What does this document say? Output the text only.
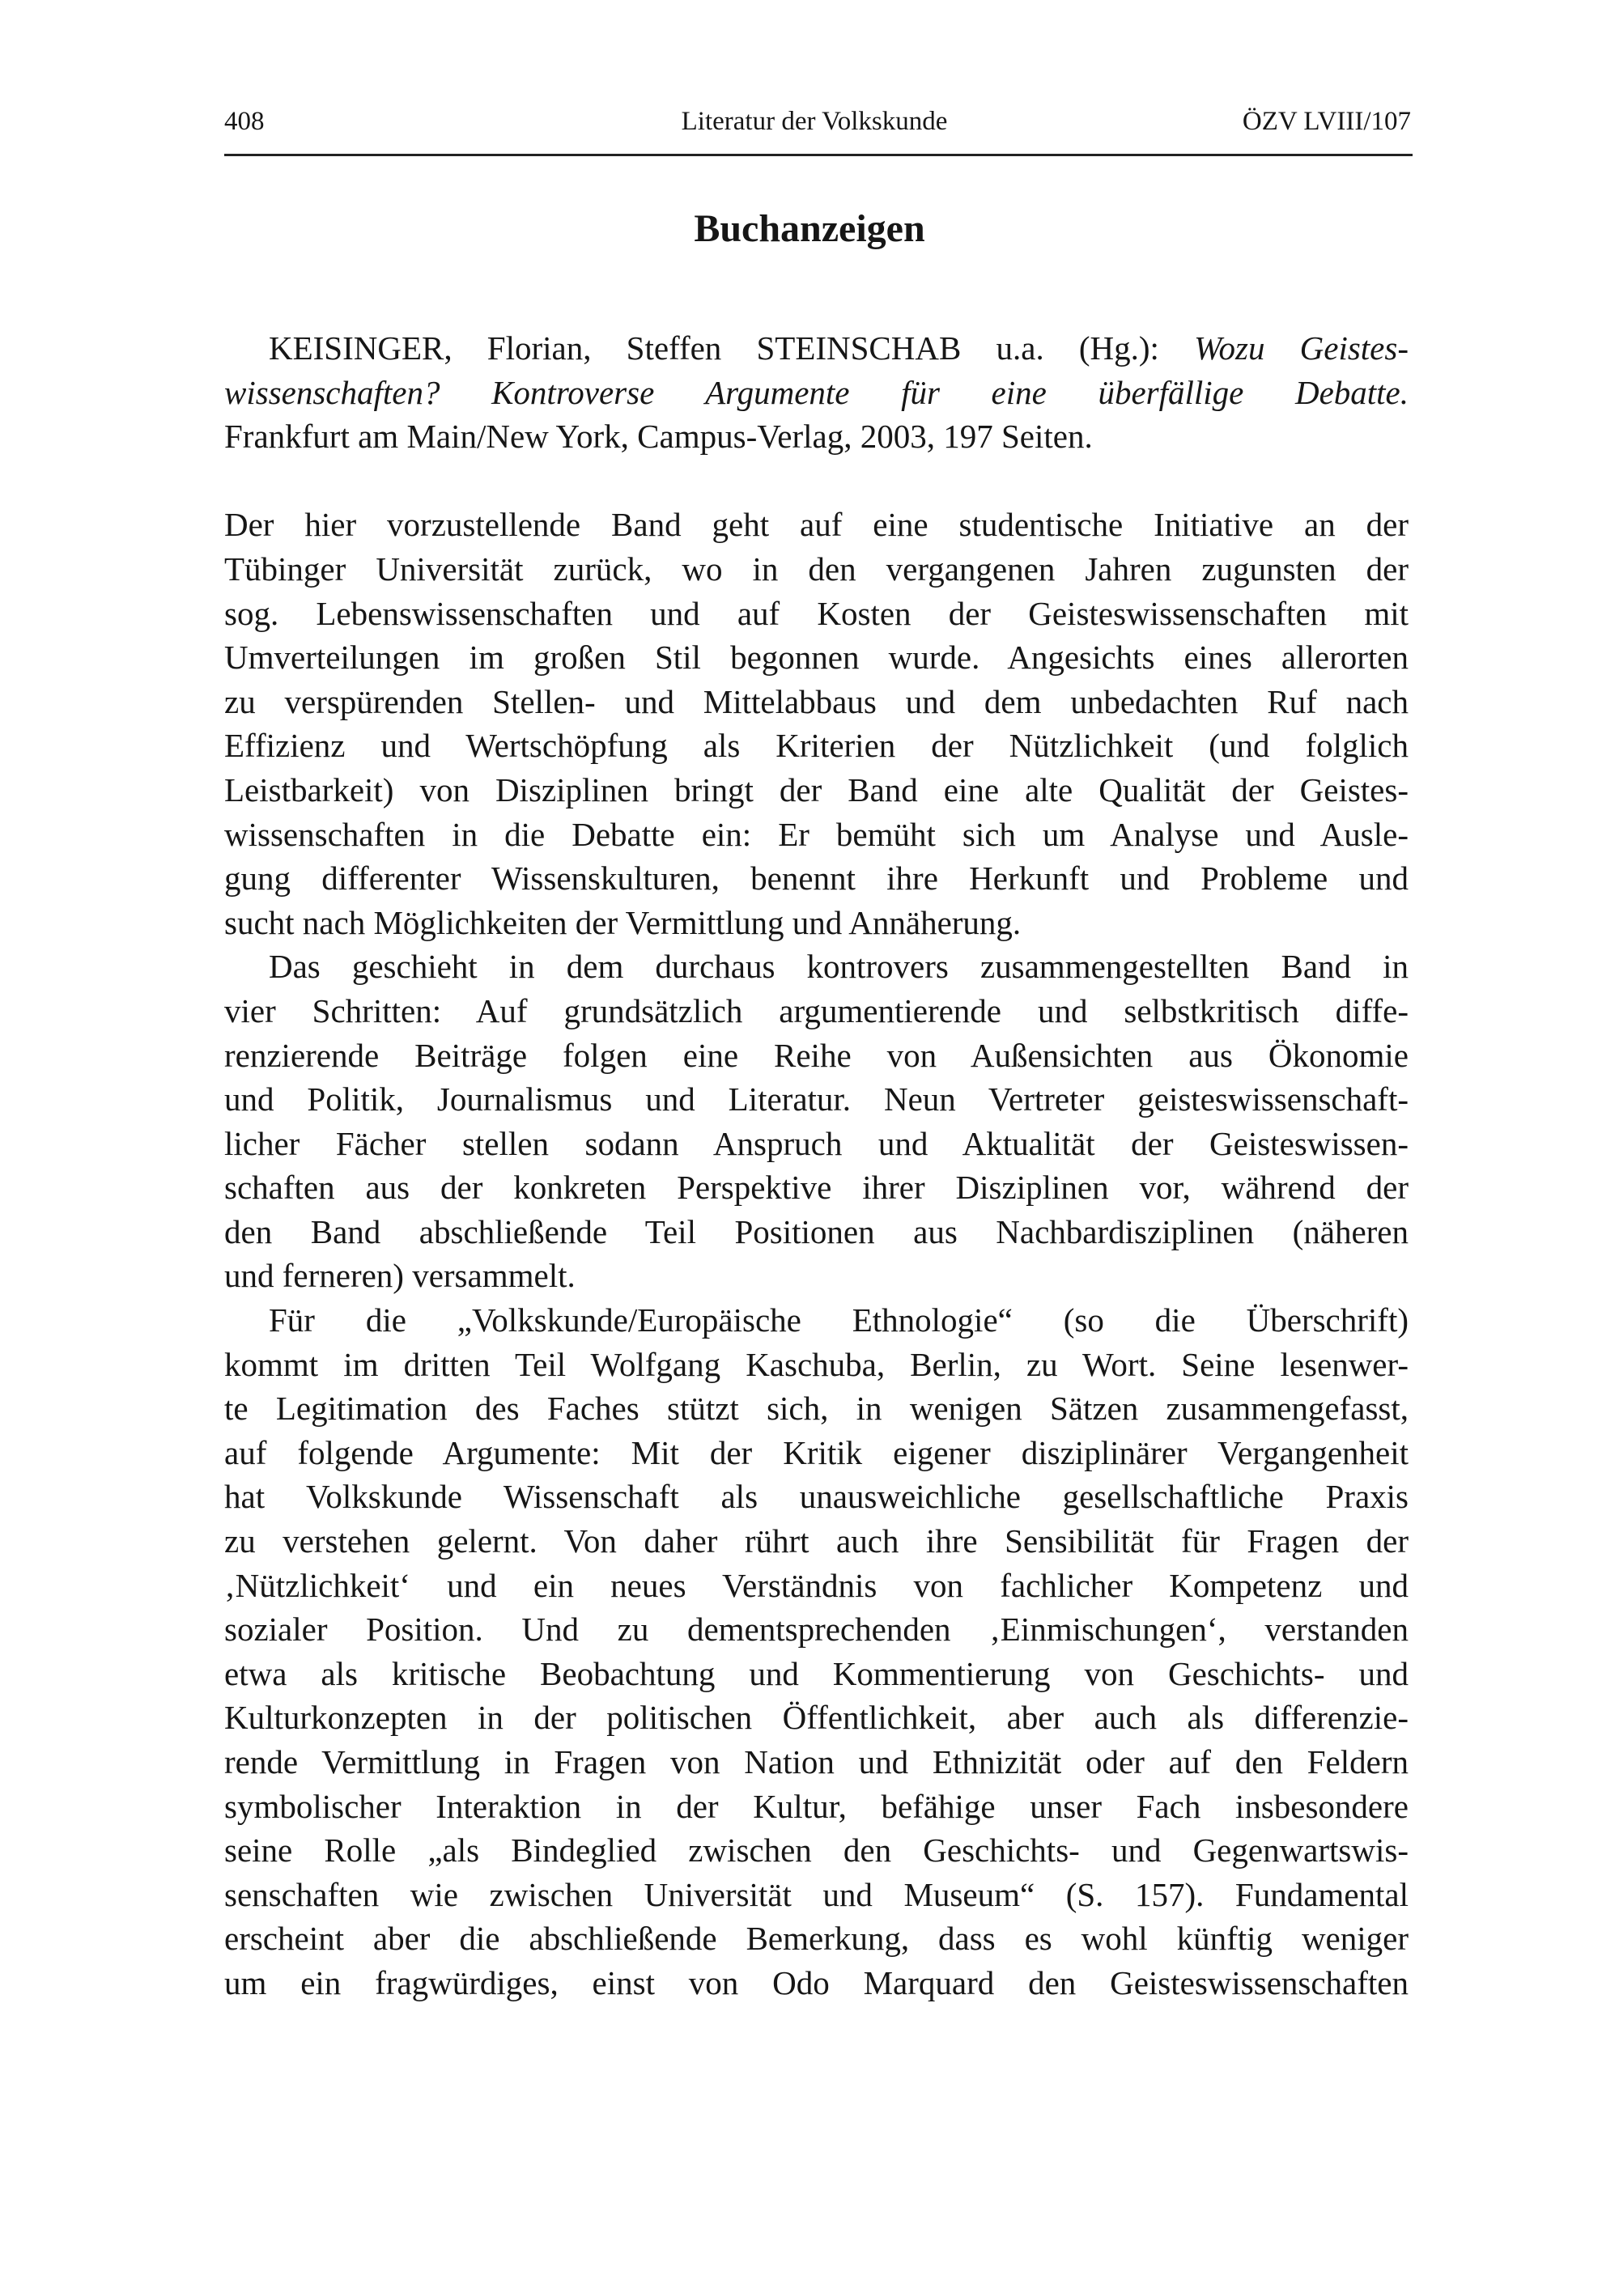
408	Literatur der Volkskunde	ÖZV LVIII/107
Buchanzeigen
KEISINGER, Florian, Steffen STEINSCHAB u.a. (Hg.): Wozu Geistes-
wissenschaften? Kontroverse Argumente für eine überfällige Debatte.
Frankfurt am Main/New York, Campus-Verlag, 2003, 197 Seiten.
Der hier vorzustellende Band geht auf eine studentische Initiative an der
Tübinger Universität zurück, wo in den vergangenen Jahren zugunsten der
sog. Lebenswissenschaften und auf Kosten der Geisteswissenschaften mit
Umverteilungen im großen Stil begonnen wurde. Angesichts eines allerorten
zu verspürenden Stellen- und Mittelabbaus und dem unbedachten Ruf nach
Effizienz und Wertschöpfung als Kriterien der Nützlichkeit (und folglich
Leistbarkeit) von Disziplinen bringt der Band eine alte Qualität der Geistes-
wissenschaften in die Debatte ein: Er bemüht sich um Analyse und Ausle-
gung differenter Wissenskulturen, benennt ihre Herkunft und Probleme und
sucht nach Möglichkeiten der Vermittlung und Annäherung.
Das geschieht in dem durchaus kontrovers zusammengestellten Band in
vier Schritten: Auf grundsätzlich argumentierende und selbstkritisch diffe-
renzierende Beiträge folgen eine Reihe von Außensichten aus Ökonomie
und Politik, Journalismus und Literatur. Neun Vertreter geisteswissenschaft-
licher Fächer stellen sodann Anspruch und Aktualität der Geisteswissen-
schaften aus der konkreten Perspektive ihrer Disziplinen vor, während der
den Band abschließende Teil Positionen aus Nachbardisziplinen (näheren
und ferneren) versammelt.
Für die „Volkskunde/Europäische Ethnologie“ (so die Überschrift)
kommt im dritten Teil Wolfgang Kaschuba, Berlin, zu Wort. Seine lesenwer-
te Legitimation des Faches stützt sich, in wenigen Sätzen zusammengefasst,
auf folgende Argumente: Mit der Kritik eigener disziplinärer Vergangenheit
hat Volkskunde Wissenschaft als unausweichliche gesellschaftliche Praxis
zu verstehen gelernt. Von daher rührt auch ihre Sensibilität für Fragen der
‚Nützlichkeit‘ und ein neues Verständnis von fachlicher Kompetenz und
sozialer Position. Und zu dementsprechenden ‚Einmischungen‘, verstanden
etwa als kritische Beobachtung und Kommentierung von Geschichts- und
Kulturkonzepten in der politischen Öffentlichkeit, aber auch als differenzie-
rende Vermittlung in Fragen von Nation und Ethnizität oder auf den Feldern
symbolischer Interaktion in der Kultur, befähige unser Fach insbesondere
seine Rolle „als Bindeglied zwischen den Geschichts- und Gegenwartswis-
senschaften wie zwischen Universität und Museum“ (S. 157). Fundamental
erscheint aber die abschließende Bemerkung, dass es wohl künftig weniger
um ein fragwürdiges, einst von Odo Marquard den Geisteswissenschaften
